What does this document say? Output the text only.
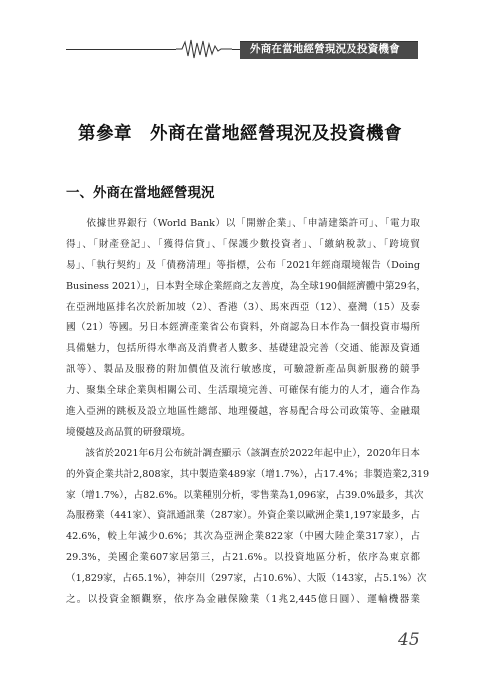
外商在當地經營現況及投資機會
第參章　外商在當地經營現況及投資機會
一、外商在當地經營現況
　　依據世界銀行（World Bank）以「開辦企業」、「申請建築許可」、「電力取
得」、「財產登記」、「獲得信貸」、「保護少數投資者」、「繳納稅款」、「跨境貿
易」、「執行契約」及「債務清理」等指標，公布「2021年經商環境報告（Doing
Business 2021）」，日本對全球企業經商之友善度，為全球190個經濟體中第29名，
在亞洲地區排名次於新加坡（2）、香港（3）、馬來西亞（12）、臺灣（15）及泰
國（21）等國。另日本經濟產業省公布資料，外商認為日本作為一個投資市場所
具備魅力，包括所得水準高及消費者人數多、基礎建設完善（交通、能源及資通
訊等）、製品及服務的附加價值及流行敏感度，可驗證新產品與新服務的競爭
力、聚集全球企業與相關公司、生活環境完善、可確保有能力的人才，適合作為
進入亞洲的跳板及設立地區性總部、地理優越，容易配合母公司政策等、金融環
境優越及高品質的研發環境。
　　該省於2021年6月公布統計調查顯示（該調查於2022年起中止），2020年日本
的外資企業共計2,808家，其中製造業489家（增1.7%），占17.4%；非製造業2,319
家（增1.7%），占82.6%。以業種別分析，零售業為1,096家，占39.0%最多，其次
為服務業（441家）、資訊通訊業（287家）。外資企業以歐洲企業1,197家最多，占
42.6%，較上年減少0.6%；其次為亞洲企業822家（中國大陸企業317家），占
29.3%，美國企業607家居第三，占21.6%。以投資地區分析，依序為東京都
（1,829家，占65.1%），神奈川（297家，占10.6%）、大阪（143家，占5.1%）次
之。以投資金額觀察，依序為金融保險業（1兆2,445億日圓）、運輸機器業
45
